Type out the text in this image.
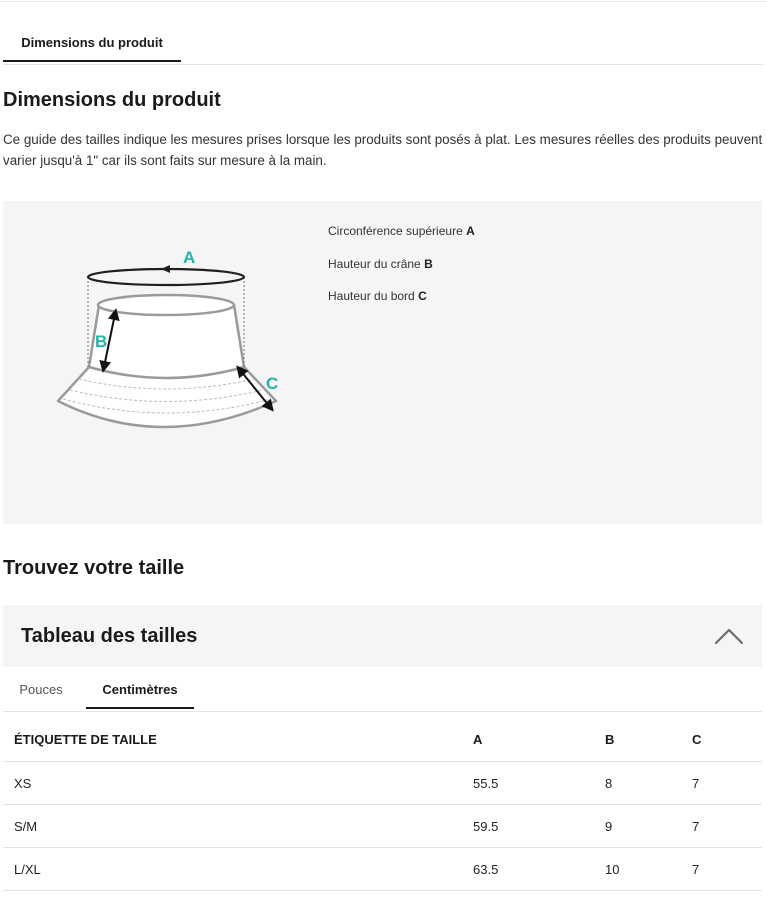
Dimensions du produit
Dimensions du produit

Ce guide des tailles indique les mesures prises lorsque les produits sont posés à plat. Les mesures réelles des produits peuvent varier jusqu'à 1" car ils sont faits sur mesure à la main.

A
B
C
Circonférence supérieure A
Hauteur du crâne B
Hauteur du bord C
Trouvez votre taille
Tableau des tailles
Pouces	Centimètres
ÉTIQUETTE DE TAILLE	A	B	C
XS	55.5	8	7
S/M	59.5	9	7
L/XL	63.5	10	7
